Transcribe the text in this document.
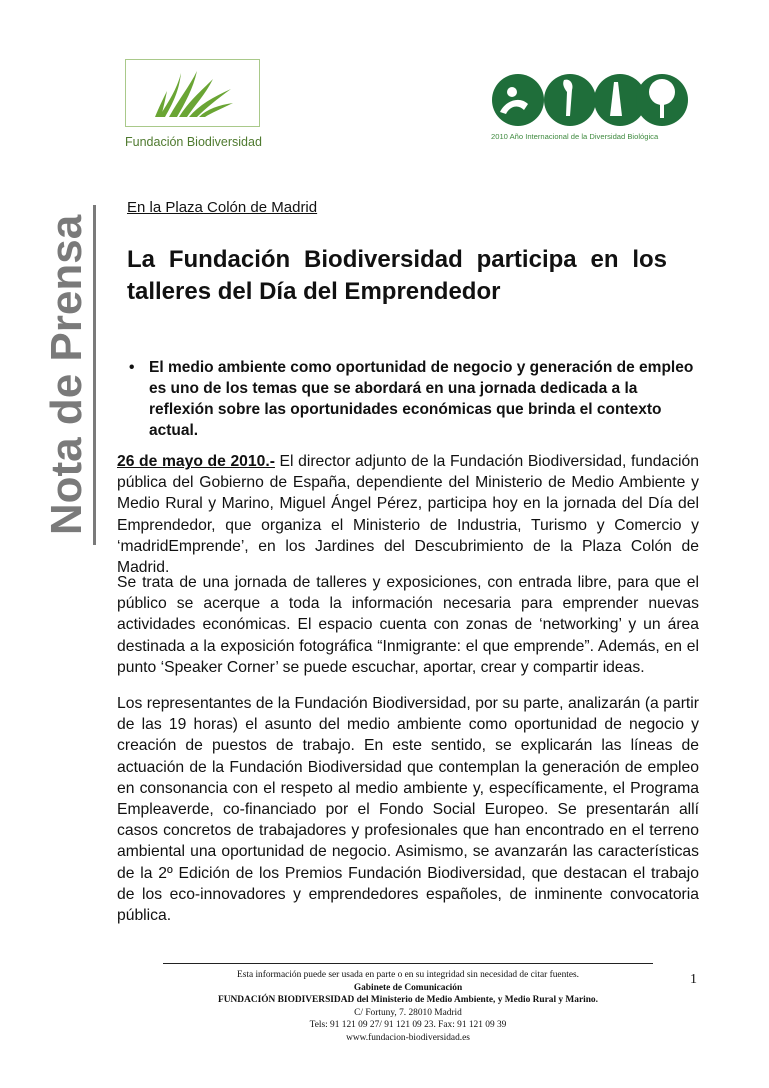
Fundación Biodiversidad	2010 Año Internacional de la Diversidad Biológica
Nota de Prensa
En la Plaza Colón de Madrid
La Fundación Biodiversidad participa en los talleres del Día del Emprendedor
• El medio ambiente como oportunidad de negocio y generación de empleo es uno de los temas que se abordará en una jornada dedicada a la reflexión sobre las oportunidades económicas que brinda el contexto actual.

26 de mayo de 2010.- El director adjunto de la Fundación Biodiversidad, fundación pública del Gobierno de España, dependiente del Ministerio de Medio Ambiente y Medio Rural y Marino, Miguel Ángel Pérez, participa hoy en la jornada del Día del Emprendedor, que organiza el Ministerio de Industria, Turismo y Comercio y ‘madridEmprende’, en los Jardines del Descubrimiento de la Plaza Colón de Madrid.

Se trata de una jornada de talleres y exposiciones, con entrada libre, para que el público se acerque a toda la información necesaria para emprender nuevas actividades económicas. El espacio cuenta con zonas de ‘networking’ y un área destinada a la exposición fotográfica “Inmigrante: el que emprende”. Además, en el punto ‘Speaker Corner’ se puede escuchar, aportar, crear y compartir ideas.

Los representantes de la Fundación Biodiversidad, por su parte, analizarán (a partir de las 19 horas) el asunto del medio ambiente como oportunidad de negocio y creación de puestos de trabajo. En este sentido, se explicarán las líneas de actuación de la Fundación Biodiversidad que contemplan la generación de empleo en consonancia con el respeto al medio ambiente y, específicamente, el Programa Empleaverde, co-financiado por el Fondo Social Europeo. Se presentarán allí casos concretos de trabajadores y profesionales que han encontrado en el terreno ambiental una oportunidad de negocio. Asimismo, se avanzarán las características de la 2º Edición de los Premios Fundación Biodiversidad, que destacan el trabajo de los eco-innovadores y emprendedores españoles, de inminente convocatoria pública.

1
Esta información puede ser usada en parte o en su integridad sin necesidad de citar fuentes.
Gabinete de Comunicación
FUNDACIÓN BIODIVERSIDAD del Ministerio de Medio Ambiente, y Medio Rural y Marino.
C/ Fortuny, 7. 28010 Madrid
Tels: 91 121 09 27/ 91 121 09 23. Fax: 91 121 09 39
www.fundacion-biodiversidad.es
